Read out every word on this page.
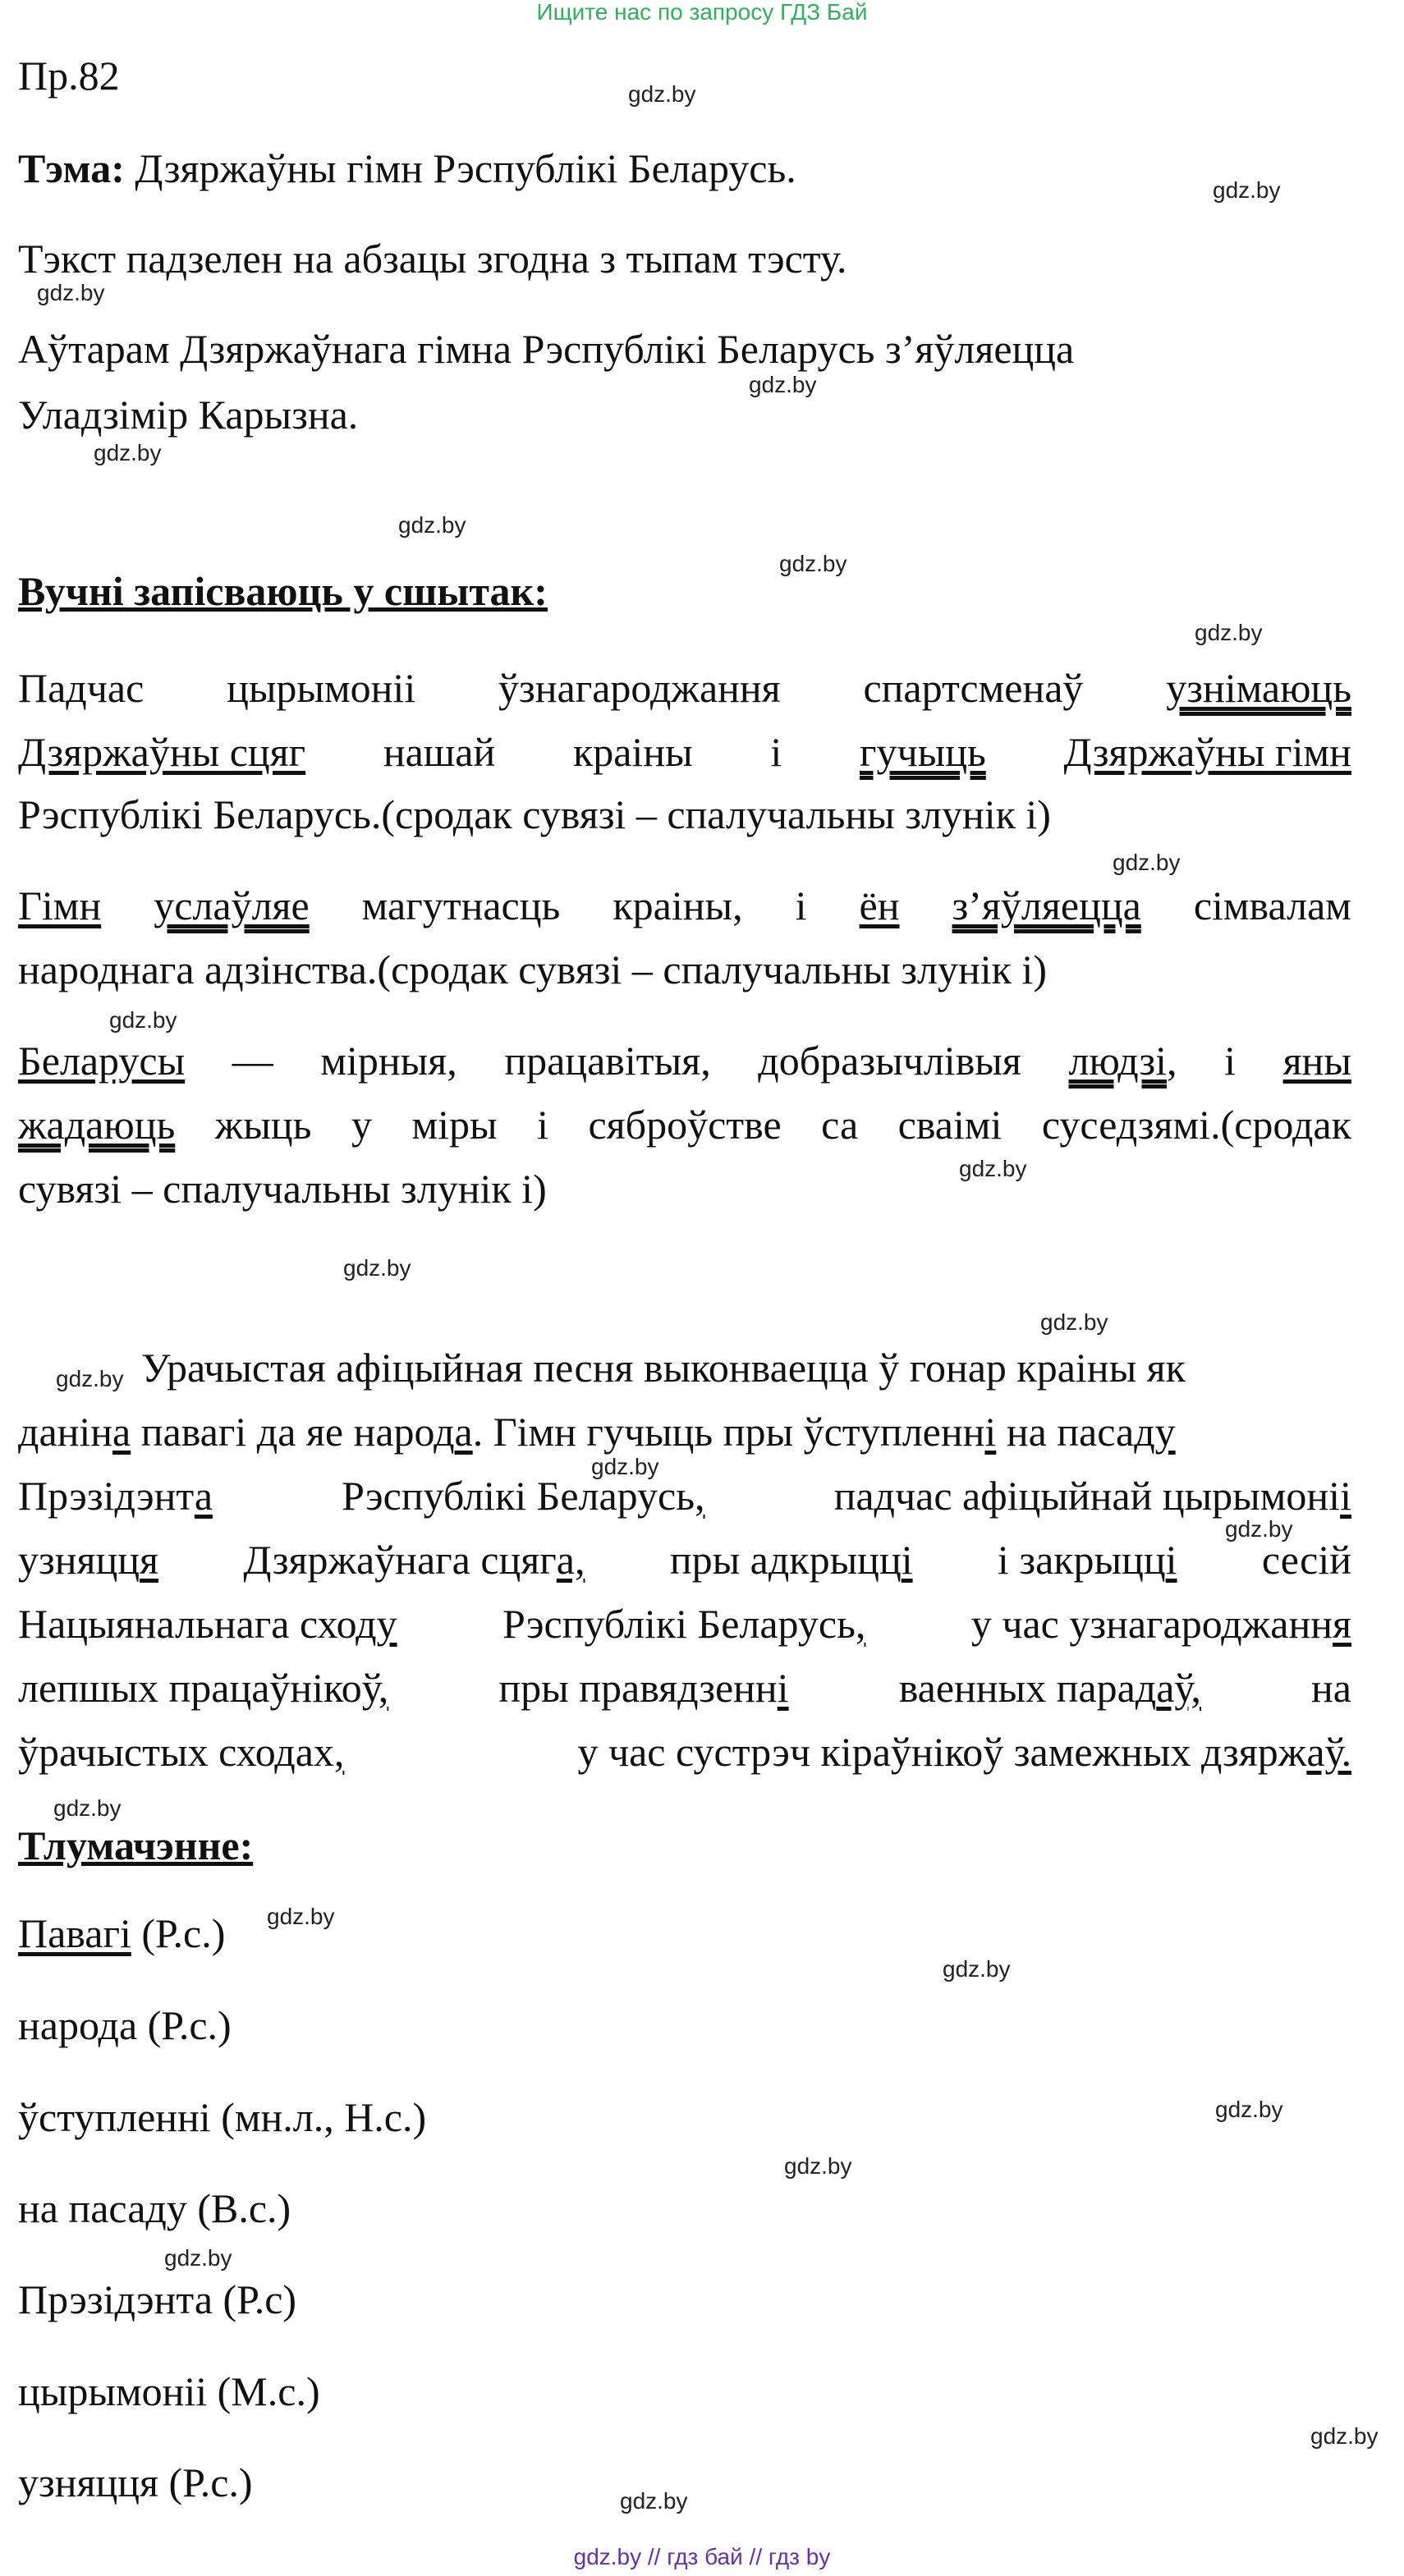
Ищите нас по запросу ГДЗ Бай
gdz.by
gdz.by
gdz.by
gdz.by
gdz.by
gdz.by
gdz.by
gdz.by
gdz.by
gdz.by
gdz.by
gdz.by
gdz.by
gdz.by
gdz.by
gdz.by
gdz.by
gdz.by
gdz.by
gdz.by
gdz.by
gdz.by
gdz.by
gdz.by
Пр.82
Тэма: Дзяржаўны гімн Рэспублікі Беларусь.
Тэкст падзелен на абзацы згодна з тыпам тэсту.
Аўтарам Дзяржаўнага гімна Рэспублікі Беларусь з’яўляецца
Уладзімір Карызна.
Вучні запісваюць у сшытак:
Падчас цырымоніі ўзнагароджання спартсменаў узнімаюць
Дзяржаўны сцяг нашай краіны і гучыць Дзяржаўны гімн
Рэспублікі Беларусь.(сродак сувязі – спалучальны злунік і)
Гімн услаўляе магутнасць краіны, і ён з’яўляецца сімвалам
народнага адзінства.(сродак сувязі – спалучальны злунік і)
Беларусы — мірныя, працавітыя, добразычлівыя людзі, і яны
жадаюць жыць у міры і сяброўстве са сваімі суседзямі.(сродак
сувязі – спалучальны злунік і)
Урачыстая афіцыйная песня выконваецца ў гонар краіны як
даніна павагі да яе народа. Гімн гучыць пры ўступленні на пасаду
Прэзідэнта	Рэспублікі Беларусь,	падчас афіцыйнай цырымоніі
узняцця Дзяржаўнага сцяга, пры адкрыцці і закрыцці сесій
Нацыянальнага сходу	Рэспублікі Беларусь,	у час узнагароджання
лепшых працаўнікоў,	пры правядзенні	ваенных парадаў,	на
ўрачыстых сходах,	у час сустрэч кіраўнікоў замежных дзяржаў.
Тлумачэнне:
Павагі (Р.с.)
народа (Р.с.)
ўступленні (мн.л., Н.с.)
на пасаду (В.с.)
Прэзідэнта (Р.с)
цырымоніі (М.с.)
узняцця (Р.с.)
gdz.by // гдз бай // гдз by
